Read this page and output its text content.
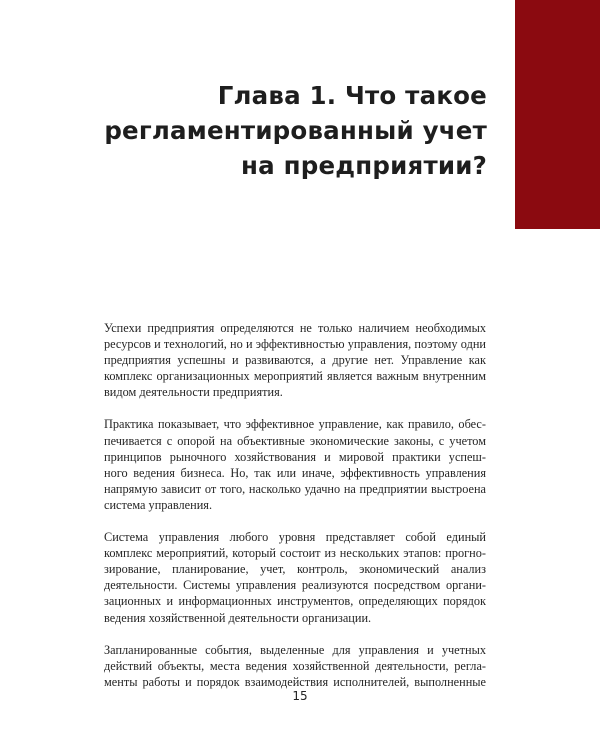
Глава 1. Что такое
регламентированный учет
на предприятии?

Успехи предприятия определяются не только наличием необходимых
ресурсов и технологий, но и эффективностью управления, поэтому одни
предприятия успешны и развиваются, а другие нет. Управление как
комплекс организационных мероприятий является важным внутренним
видом деятельности предприятия.

Практика показывает, что эффективное управление, как правило, обес-
печивается с опорой на объективные экономические законы, с учетом
принципов рыночного хозяйствования и мировой практики успеш-
ного ведения бизнеса. Но, так или иначе, эффективность управления
напрямую зависит от того, насколько удачно на предприятии выстроена
система управления.

Система управления любого уровня представляет собой единый
комплекс мероприятий, который состоит из нескольких этапов: прогно-
зирование, планирование, учет, контроль, экономический анализ
деятельности. Системы управления реализуются посредством органи-
зационных и информационных инструментов, определяющих порядок
ведения хозяйственной деятельности организации.

Запланированные события, выделенные для управления и учетных
действий объекты, места ведения хозяйственной деятельности, регла-
менты работы и порядок взаимодействия исполнителей, выполненные

15
